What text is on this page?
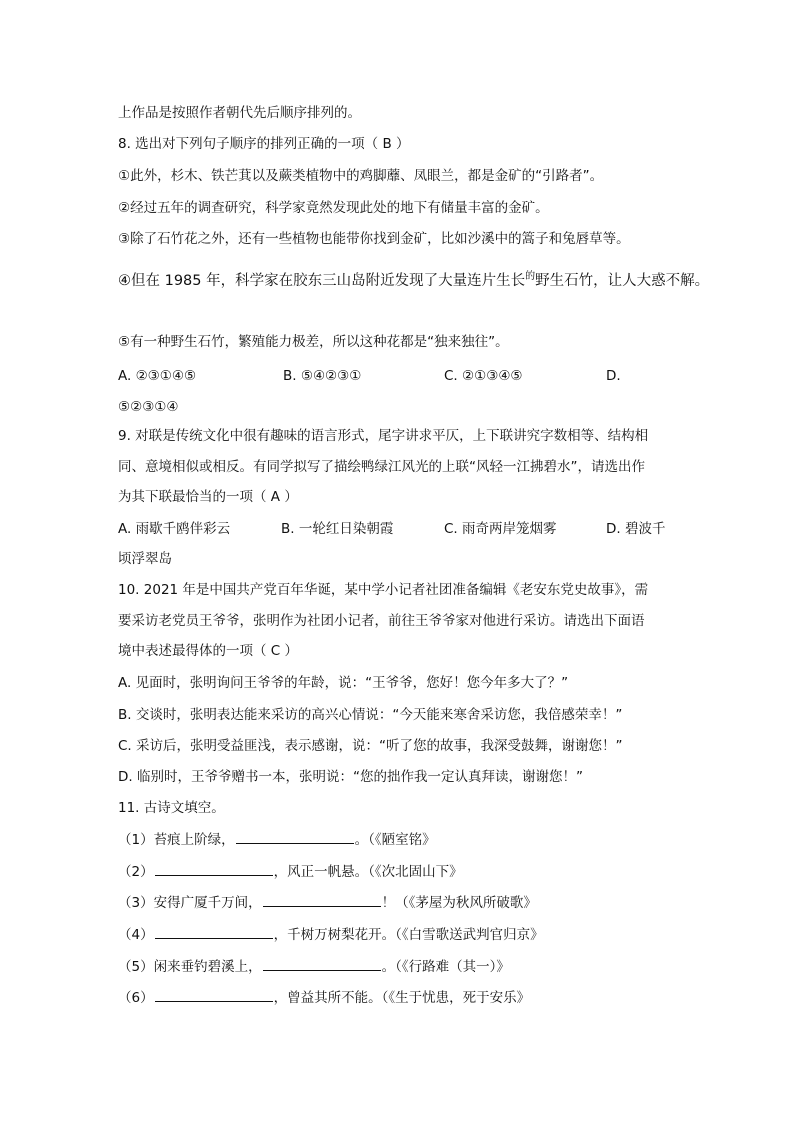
上作品是按照作者朝代先后顺序排列的。
8. 选出对下列句子顺序的排列正确的一项（ B ）
①此外，杉木、铁芒萁以及蕨类植物中的鸡脚蘼、凤眼兰，都是金矿的“引路者”。
②经过五年的调查研究，科学家竟然发现此处的地下有储量丰富的金矿。
③除了石竹花之外，还有一些植物也能带你找到金矿，比如沙溪中的篙子和兔唇草等。
④但在 1985 年，科学家在胶东三山岛附近发现了大量连片生长$^的$野生石竹，让人大惑不解。
⑤有一种野生石竹，繁殖能力极差，所以这种花都是“独来独往”。
A. ②③①④⑤	B. ⑤④②③①	C. ②①③④⑤	D.
⑤②③①④
9. 对联是传统文化中很有趣味的语言形式，尾字讲求平仄，上下联讲究字数相等、结构相
同、意境相似或相反。有同学拟写了描绘鸭绿江风光的上联“风轻一江拂碧水”，请选出作
为其下联最恰当的一项（ A ）
A. 雨歇千鸥伴彩云	B. 一轮红日染朝霞	C. 雨奇两岸笼烟雾	D. 碧波千
顷浮翠岛
10. 2021 年是中国共产党百年华诞，某中学小记者社团准备编辑《老安东党史故事》，需
要采访老党员王爷爷，张明作为社团小记者，前往王爷爷家对他进行采访。请选出下面语
境中表述最得体的一项（ C ）
A. 见面时，张明询问王爷爷的年龄，说：“王爷爷，您好！您今年多大了？”
B. 交谈时，张明表达能来采访的高兴心情说：“今天能来寒舍采访您，我倍感荣幸！”
C. 采访后，张明受益匪浅，表示感谢，说：“听了您的故事，我深受鼓舞，谢谢您！”
D. 临别时，王爷爷赠书一本，张明说：“您的拙作我一定认真拜读，谢谢您！”
11. 古诗文填空。
（1）苔痕上阶绿，	。（《陋室铭》
（2）	，风正一帆悬。（《次北固山下》
（3）安得广厦千万间，	！（《茅屋为秋风所破歌》
（4）	，千树万树梨花开。（《白雪歌送武判官归京》
（5）闲来垂钓碧溪上，	。（《行路难（其一）》
（6）	，曾益其所不能。（《生于忧患，死于安乐》
